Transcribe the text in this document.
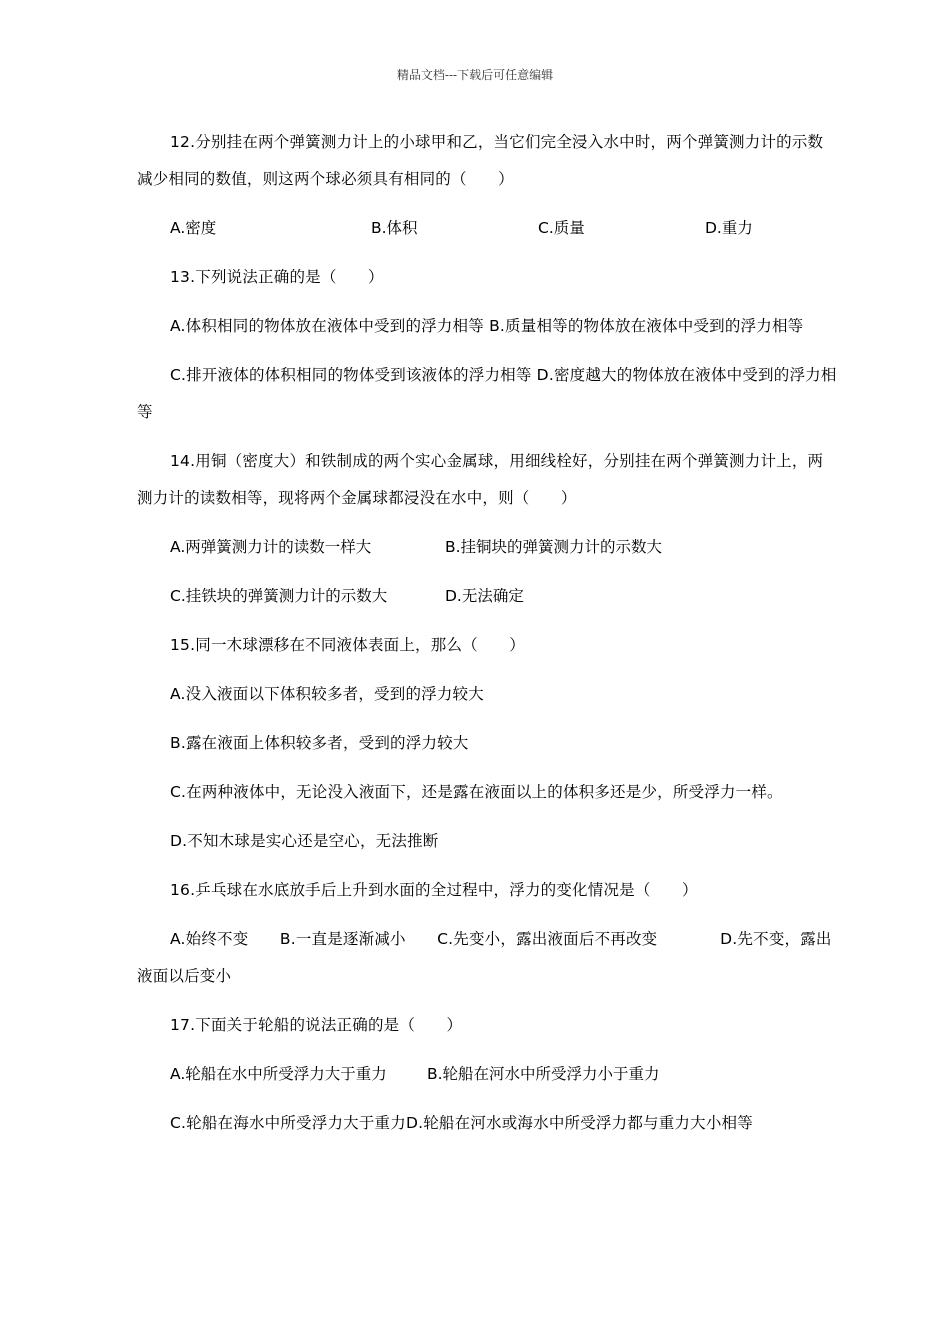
精品文档---下载后可任意编辑

12.分别挂在两个弹簧测力计上的小球甲和乙，当它们完全浸入水中时，两个弹簧测力计的示数减少相同的数值，则这两个球必须具有相同的（　　）

A.密度	B.体积	C.质量	D.重力

13.下列说法正确的是（　　）

A.体积相同的物体放在液体中受到的浮力相等 B.质量相等的物体放在液体中受到的浮力相等

C.排开液体的体积相同的物体受到该液体的浮力相等 D.密度越大的物体放在液体中受到的浮力相等

14.用铜（密度大）和铁制成的两个实心金属球，用细线栓好，分别挂在两个弹簧测力计上，两测力计的读数相等，现将两个金属球都浸没在水中，则（　　）

A.两弹簧测力计的读数一样大	B.挂铜块的弹簧测力计的示数大
C.挂铁块的弹簧测力计的示数大	D.无法确定

15.同一木球漂移在不同液体表面上，那么（　　）

A.没入液面以下体积较多者，受到的浮力较大

B.露在液面上体积较多者，受到的浮力较大

C.在两种液体中，无论没入液面下，还是露在液面以上的体积多还是少，所受浮力一样。

D.不知木球是实心还是空心，无法推断

16.乒乓球在水底放手后上升到水面的全过程中，浮力的变化情况是（　　）

A.始终不变　　B.一直是逐渐减小　　C.先变小，露出液面后不再改变　　　　D.先不变，露出液面以后变小

17.下面关于轮船的说法正确的是（　　）

A.轮船在水中所受浮力大于重力	B.轮船在河水中所受浮力小于重力

C.轮船在海水中所受浮力大于重力D.轮船在河水或海水中所受浮力都与重力大小相等
